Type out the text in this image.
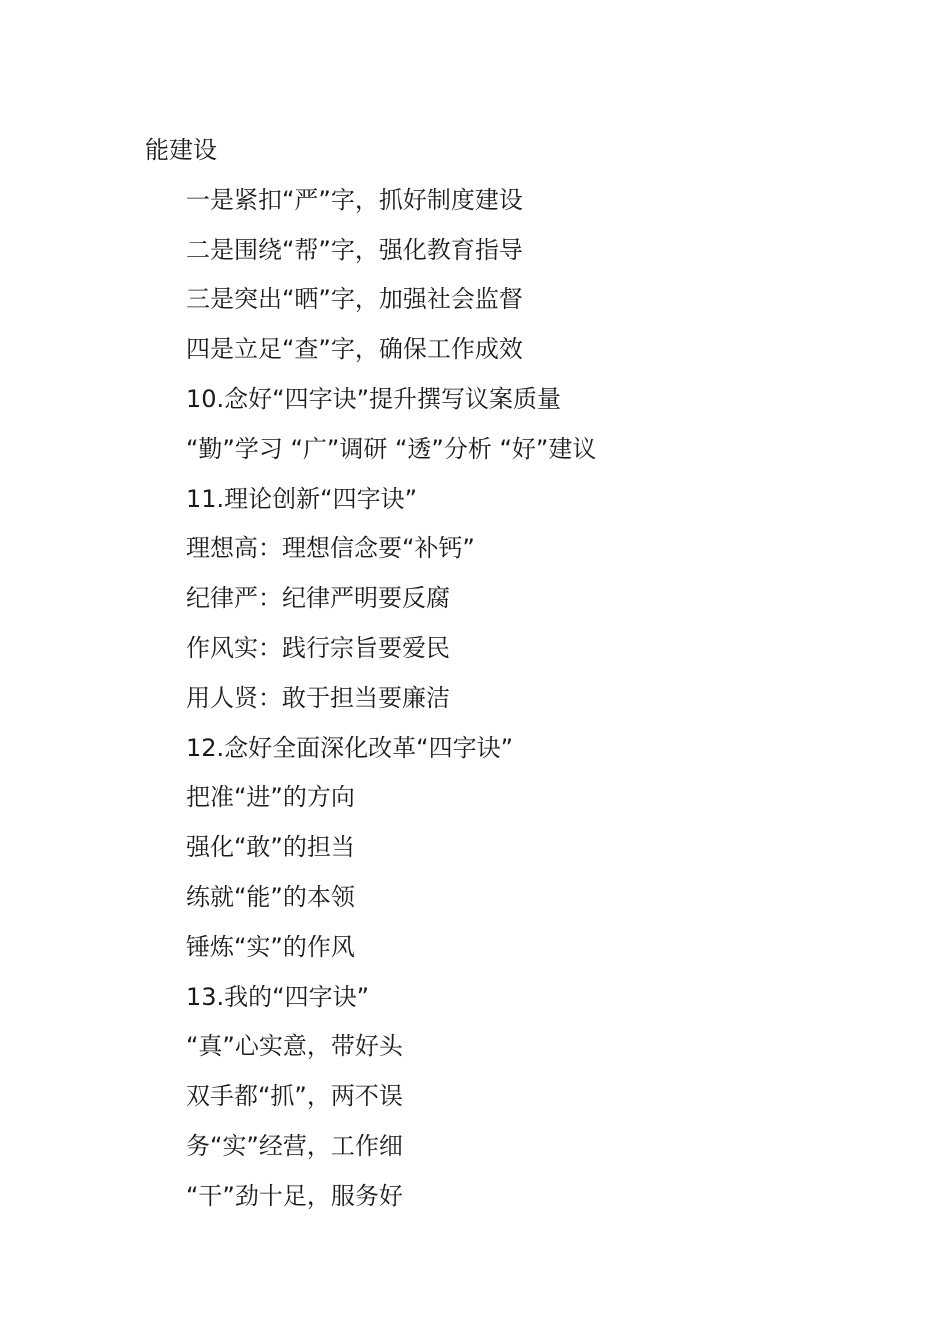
能建设
一是紧扣“严”字，抓好制度建设
二是围绕“帮”字，强化教育指导
三是突出“晒”字，加强社会监督
四是立足“查”字，确保工作成效
10.念好“四字诀”提升撰写议案质量
“勤”学习 “广”调研 “透”分析 “好”建议
11.理论创新“四字诀”
理想高：理想信念要“补钙”
纪律严：纪律严明要反腐
作风实：践行宗旨要爱民
用人贤：敢于担当要廉洁
12.念好全面深化改革“四字诀”
把准“进”的方向
强化“敢”的担当
练就“能”的本领
锤炼“实”的作风
13.我的“四字诀”
“真”心实意，带好头
双手都“抓”，两不误
务“实”经营，工作细
“干”劲十足，服务好
